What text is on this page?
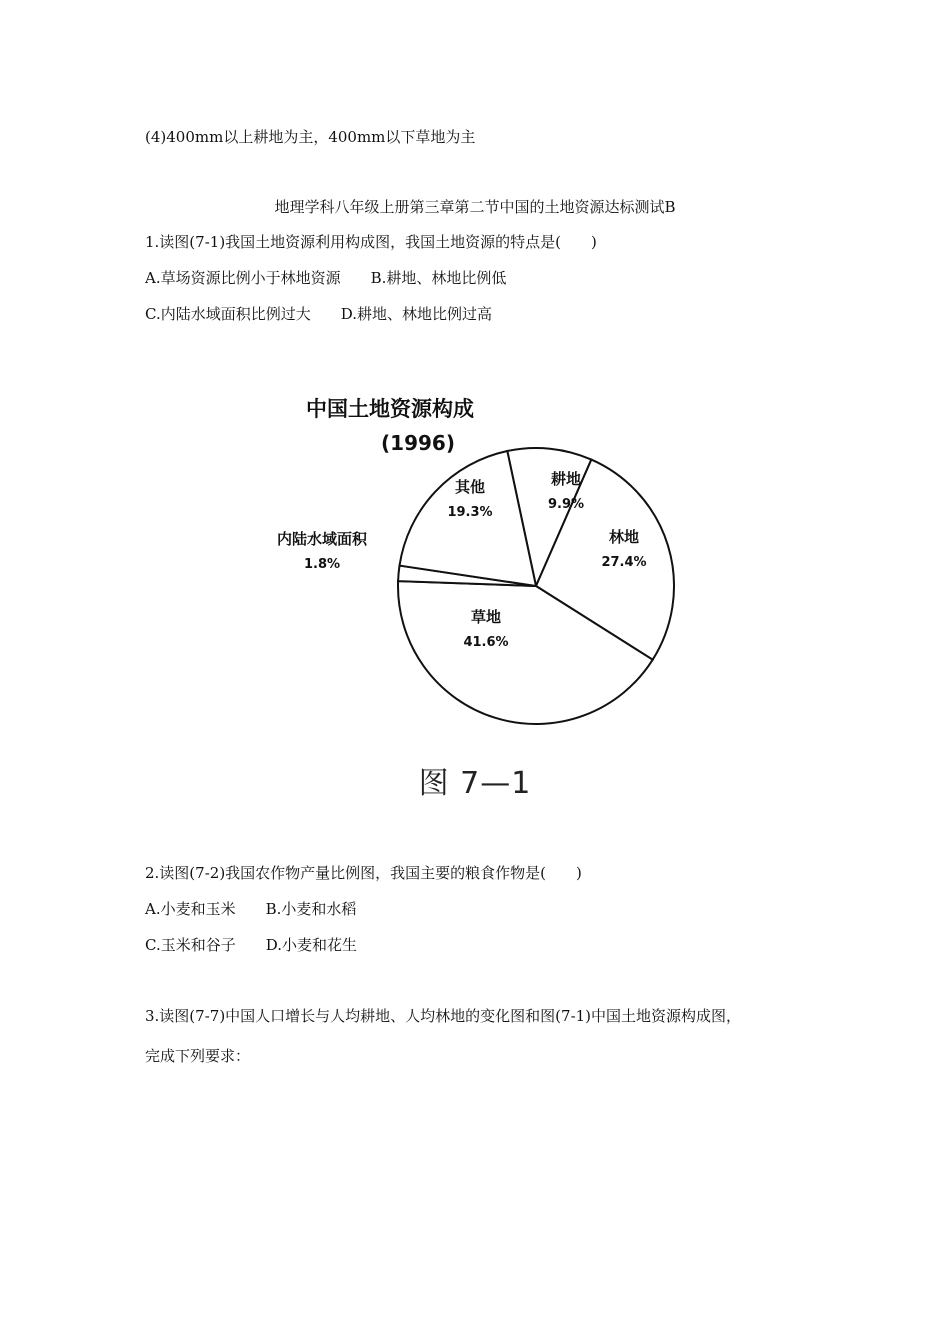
(4)400mm以上耕地为主，400mm以下草地为主
地理学科八年级上册第三章第二节中国的土地资源达标测试B
1.读图(7-1)我国土地资源利用构成图，我国土地资源的特点是(　　)
A.草场资源比例小于林地资源　　B.耕地、林地比例低
C.内陆水域面积比例过大　　D.耕地、林地比例过高
中国土地资源构成
(1996)
耕地
9.9%
林地
27.4%
草地
41.6%
内陆水域面积
1.8%
其他
19.3%
图 7—1
2.读图(7-2)我国农作物产量比例图，我国主要的粮食作物是(　　)
A.小麦和玉米　　B.小麦和水稻
C.玉米和谷子　　D.小麦和花生
3.读图(7-7)中国人口增长与人均耕地、人均林地的变化图和图(7-1)中国土地资源构成图，
完成下列要求：
